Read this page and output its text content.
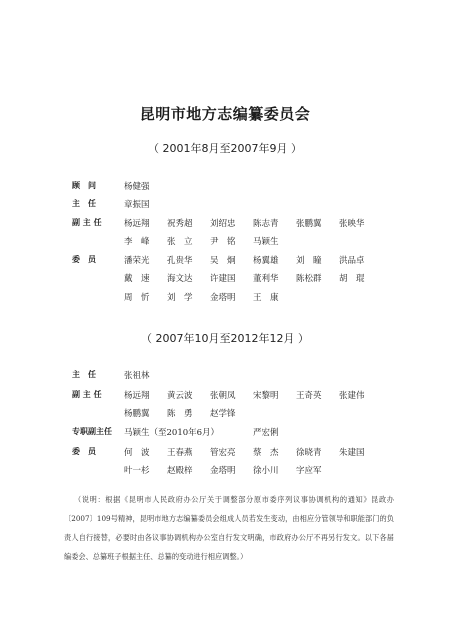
昆明市地方志编纂委员会
（ 2001年8月至2007年9月 ）
顾　问	杨健强
主　任	章振国
副 主 任	杨远翔 祝秀超 刘绍忠 陈志青 张鹏翼 张映华
李　峰 张　立 尹　铭 马颖生
委　员	潘荣光 孔贵华 吴　炯 杨翼雄 刘　瞳 洪品卓
戴　速 海文达 许建国 董利华 陈松群 胡　琨
周　忻 刘　学 金塔明 王　康
（ 2007年10月至2012年12月 ）
主　任	张祖林
副 主 任	杨远翔 黄云波 张朝凤 宋黎明 王奇英 张建伟
杨鹏翼 陈　勇 赵学锋
专职副主任	马颖生（至2010年6月）	严宏俐
委　员	何　波 王春燕 管宏亮 蔡　杰 徐晓青 朱建国
叶一杉 赵殿梓 金塔明 徐小川 字应军
（说明：根据《昆明市人民政府办公厅关于调整部分原市委序列议事协调机构的通知》昆政办〔2007〕109号精神，昆明市地方志编纂委员会组成人员若发生变动，由相应分管领导和职能部门的负责人自行接替，必要时由各议事协调机构办公室自行发文明确，市政府办公厅不再另行发文。以下各届编委会、总纂班子根据主任、总纂的变动进行相应调整。）
